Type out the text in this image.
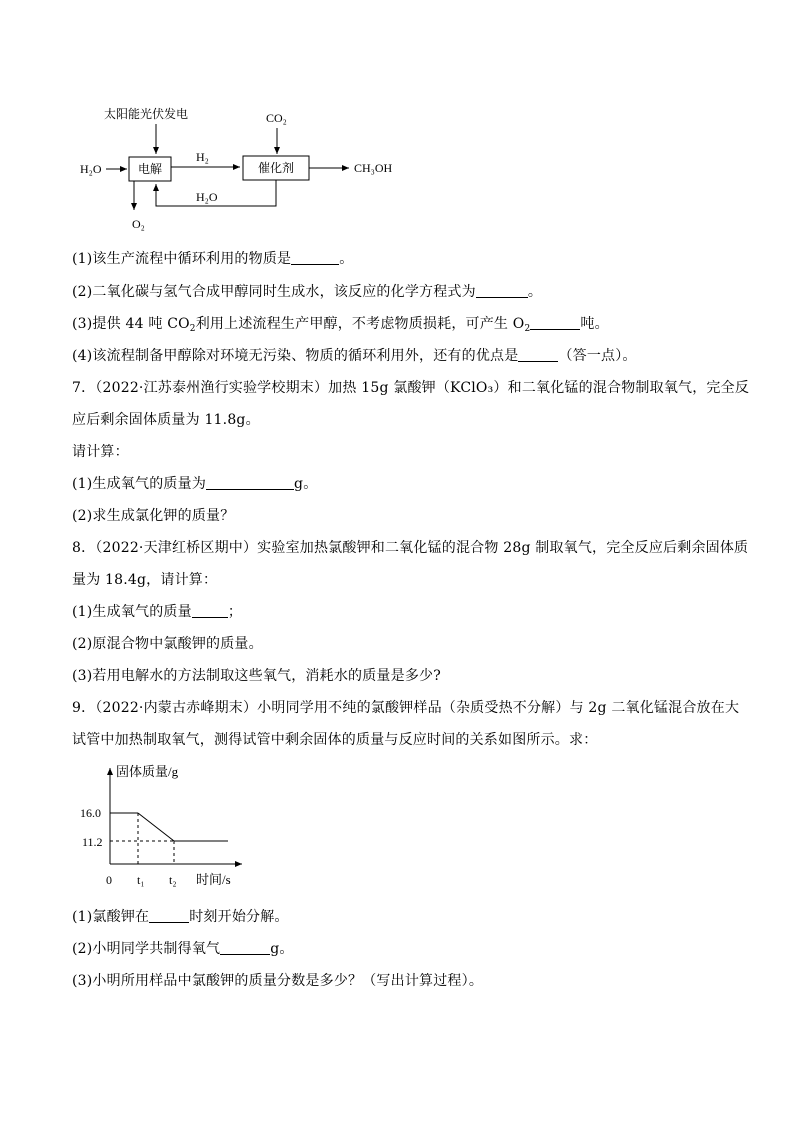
太阳能光伏发电
H₂O	电解
H₂
CO₂
催化剂	CH₃OH
O₂
H₂O
(1)该生产流程中循环利用的物质是	。
(2)二氧化碳与氢气合成甲醇同时生成水，该反应的化学方程式为	。
(3)提供 44 吨 $CO_2$利用上述流程生产甲醇，不考虑物质损耗，可产生 $O_2$	吨。
(4)该流程制备甲醇除对环境无污染、物质的循环利用外，还有的优点是	（答一点）。
7．（2022·江苏泰州渔行实验学校期末）加热 15g 氯酸钾（KClO₃）和二氧化锰的混合物制取氧气，完全反
应后剩余固体质量为 11.8g。
请计算：
(1)生成氧气的质量为	g。
(2)求生成氯化钾的质量？
8．（2022·天津红桥区期中）实验室加热氯酸钾和二氧化锰的混合物 28g 制取氧气，完全反应后剩余固体质
量为 18.4g，请计算：
(1)生成氧气的质量	；
(2)原混合物中氯酸钾的质量。
(3)若用电解水的方法制取这些氧气，消耗水的质量是多少?
9．（2022·内蒙古赤峰期末）小明同学用不纯的氯酸钾样品（杂质受热不分解）与 2g 二氧化锰混合放在大
试管中加热制取氧气，测得试管中剩余固体的质量与反应时间的关系如图所示。求：
固体质量/g
时间/s
0
16.0
11.2
t₁ t₂
(1)氯酸钾在	时刻开始分解。
(2)小明同学共制得氧气	g。
(3)小明所用样品中氯酸钾的质量分数是多少？（写出计算过程）。
